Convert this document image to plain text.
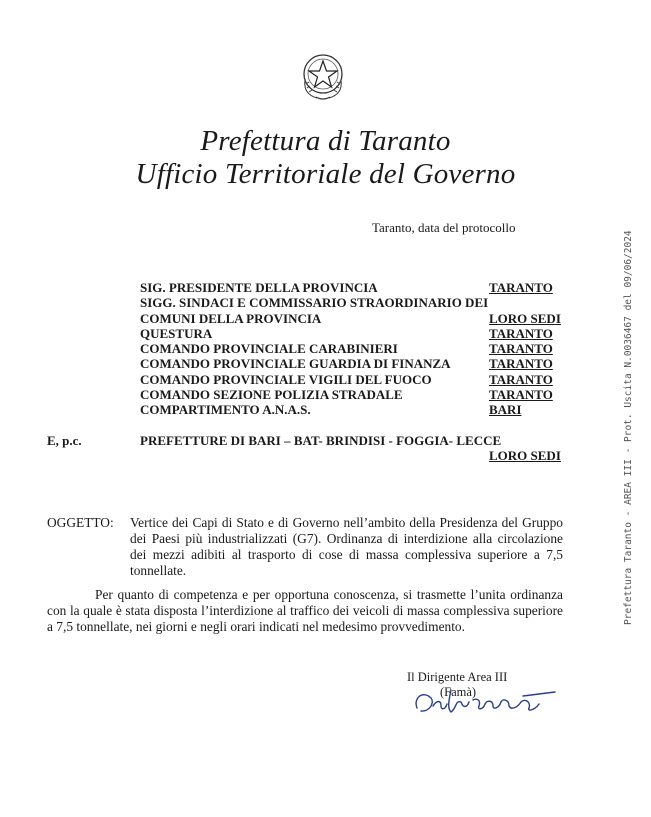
Prefettura di Taranto
Ufficio Territoriale del Governo
Taranto, data del protocollo
SIG. PRESIDENTE DELLA PROVINCIA	TARANTO
SIGG. SINDACI E COMMISSARIO STRAORDINARIO DEI
COMUNI DELLA PROVINCIA	LORO SEDI
QUESTURA	TARANTO
COMANDO PROVINCIALE CARABINIERI	TARANTO
COMANDO PROVINCIALE GUARDIA DI FINANZA	TARANTO
COMANDO PROVINCIALE VIGILI DEL FUOCO	TARANTO
COMANDO SEZIONE POLIZIA STRADALE	TARANTO
COMPARTIMENTO A.N.A.S.	BARI
E, p.c.	PREFETTURE DI BARI – BAT- BRINDISI - FOGGIA- LECCE
LORO SEDI
OGGETTO: Vertice dei Capi di Stato e di Governo nell’ambito della Presidenza del Gruppo dei Paesi più industrializzati (G7). Ordinanza di interdizione alla circolazione dei mezzi adibiti al trasporto di cose di massa complessiva superiore a 7,5 tonnellate.
Per quanto di competenza e per opportuna conoscenza, si trasmette l’unita ordinanza con la quale è stata disposta l’interdizione al traffico dei veicoli di massa complessiva superiore a 7,5 tonnellate, nei giorni e negli orari indicati nel medesimo provvedimento.
Il Dirigente Area III
(Famà)
Prefettura Taranto - AREA III - Prot. Uscita N.0036467 del 09/06/2024
